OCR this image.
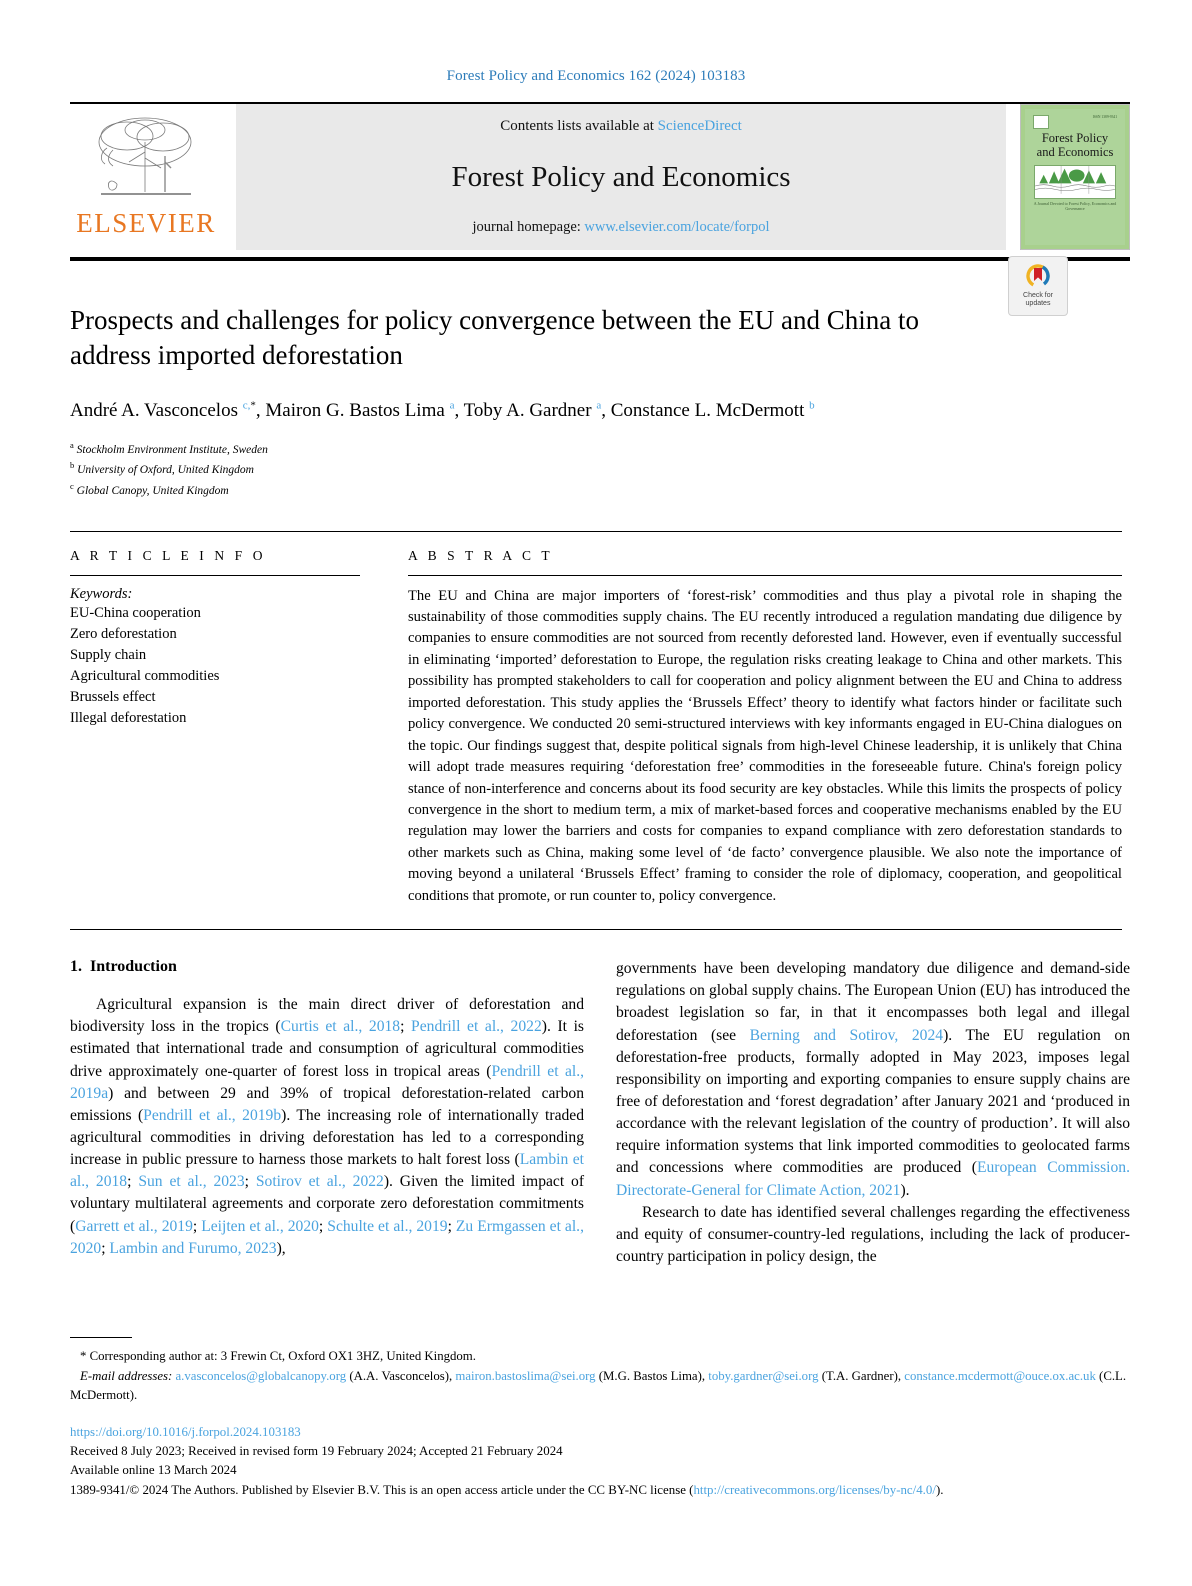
Forest Policy and Economics 162 (2024) 103183
ELSEVIER
Contents lists available at ScienceDirect
Forest Policy and Economics
journal homepage: www.elsevier.com/locate/forpol
ISSN 1389-9341
Forest Policy
and Economics
A Journal Devoted to Forest Policy, Economics and Governance
Check for
updates
Prospects and challenges for policy convergence between the EU and China to address imported deforestation
André A. Vasconcelos $^{c,*}$, Mairon G. Bastos Lima $^a$, Toby A. Gardner $^a$, Constance L. McDermott $^b$
$^a$ Stockholm Environment Institute, Sweden
$^b$ University of Oxford, United Kingdom
$^c$ Global Canopy, United Kingdom
A R T I C L E I N F O
Keywords:
EU-China cooperation
Zero deforestation
Supply chain
Agricultural commodities
Brussels effect
Illegal deforestation
A B S T R A C T

The EU and China are major importers of ‘forest-risk’ commodities and thus play a pivotal role in shaping the sustainability of those commodities supply chains. The EU recently introduced a regulation mandating due diligence by companies to ensure commodities are not sourced from recently deforested land. However, even if eventually successful in eliminating ‘imported’ deforestation to Europe, the regulation risks creating leakage to China and other markets. This possibility has prompted stakeholders to call for cooperation and policy alignment between the EU and China to address imported deforestation. This study applies the ‘Brussels Effect’ theory to identify what factors hinder or facilitate such policy convergence. We conducted 20 semi-structured interviews with key informants engaged in EU-China dialogues on the topic. Our findings suggest that, despite political signals from high-level Chinese leadership, it is unlikely that China will adopt trade measures requiring ‘deforestation free’ commodities in the foreseeable future. China's foreign policy stance of non-interference and concerns about its food security are key obstacles. While this limits the prospects of policy convergence in the short to medium term, a mix of market-based forces and cooperative mechanisms enabled by the EU regulation may lower the barriers and costs for companies to expand compliance with zero deforestation standards to other markets such as China, making some level of ‘de facto’ convergence plausible. We also note the importance of moving beyond a unilateral ‘Brussels Effect’ framing to consider the role of diplomacy, cooperation, and geopolitical conditions that promote, or run counter to, policy convergence.

1. Introduction

Agricultural expansion is the main direct driver of deforestation and biodiversity loss in the tropics (Curtis et al., 2018; Pendrill et al., 2022). It is estimated that international trade and consumption of agricultural commodities drive approximately one-quarter of forest loss in tropical areas (Pendrill et al., 2019a) and between 29 and 39% of tropical deforestation-related carbon emissions (Pendrill et al., 2019b). The increasing role of internationally traded agricultural commodities in driving deforestation has led to a corresponding increase in public pressure to harness those markets to halt forest loss (Lambin et al., 2018; Sun et al., 2023; Sotirov et al., 2022). Given the limited impact of voluntary multilateral agreements and corporate zero deforestation commitments (Garrett et al., 2019; Leijten et al., 2020; Schulte et al., 2019; Zu Ermgassen et al., 2020; Lambin and Furumo, 2023),

governments have been developing mandatory due diligence and demand-side regulations on global supply chains. The European Union (EU) has introduced the broadest legislation so far, in that it encompasses both legal and illegal deforestation (see Berning and Sotirov, 2024). The EU regulation on deforestation-free products, formally adopted in May 2023, imposes legal responsibility on importing and exporting companies to ensure supply chains are free of deforestation and ‘forest degradation’ after January 2021 and ‘produced in accordance with the relevant legislation of the country of production’. It will also require information systems that link imported commodities to geolocated farms and concessions where commodities are produced (European Commission. Directorate-General for Climate Action, 2021).

Research to date has identified several challenges regarding the effectiveness and equity of consumer-country-led regulations, including the lack of producer-country participation in policy design, the

* Corresponding author at: 3 Frewin Ct, Oxford OX1 3HZ, United Kingdom.

E-mail addresses: a.vasconcelos@globalcanopy.org (A.A. Vasconcelos), mairon.bastoslima@sei.org (M.G. Bastos Lima), toby.gardner@sei.org (T.A. Gardner), constance.mcdermott@ouce.ox.ac.uk (C.L. McDermott).

https://doi.org/10.1016/j.forpol.2024.103183
Received 8 July 2023; Received in revised form 19 February 2024; Accepted 21 February 2024
Available online 13 March 2024
1389-9341/© 2024 The Authors. Published by Elsevier B.V. This is an open access article under the CC BY-NC license (http://creativecommons.org/licenses/by-nc/4.0/).
